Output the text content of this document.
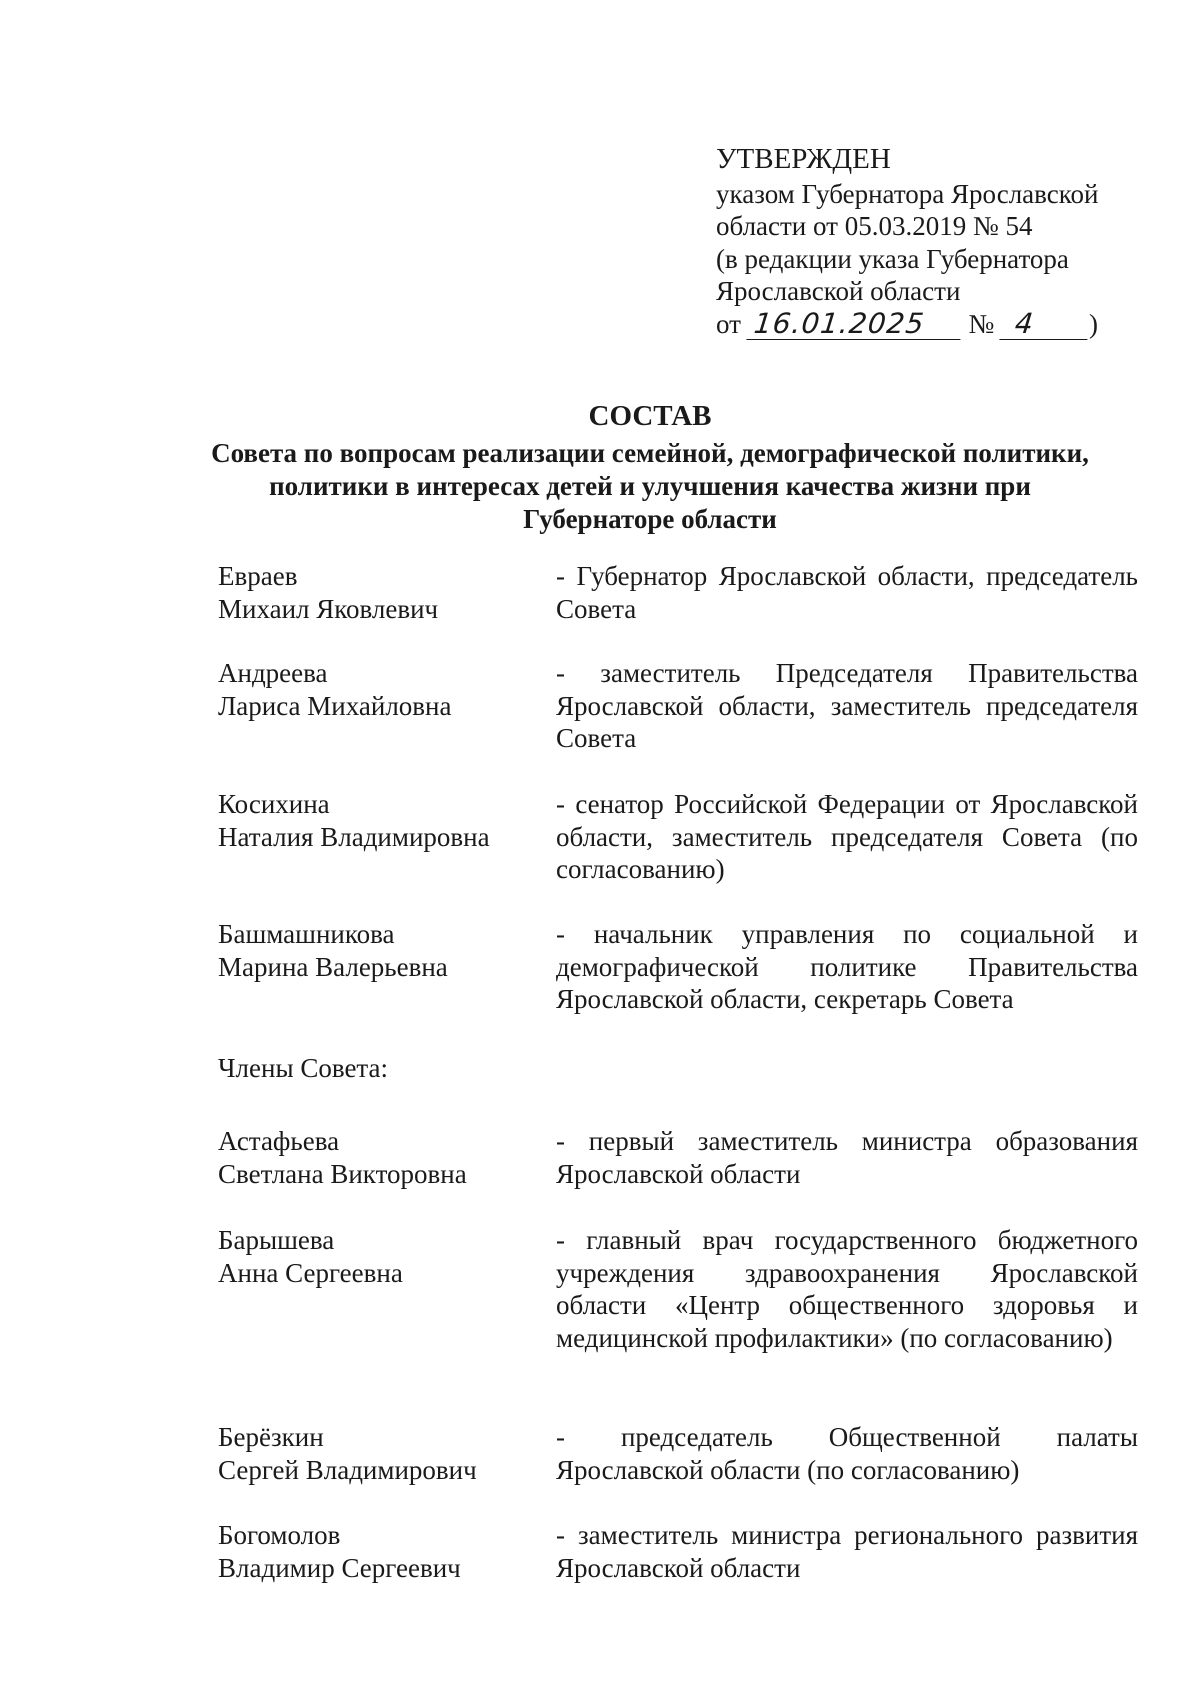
УТВЕРЖДЕН
указом Губернатора Ярославской
области от 05.03.2019 № 54
(в редакции указа Губернатора
Ярославской области
от 16.01.2025 № 4 )
СОСТАВ
Совета по вопросам реализации семейной, демографической политики,
политики в интересах детей и улучшения качества жизни при
Губернаторе области
Евраев
Михаил Яковлевич
- Губернатор Ярославской области, председатель Совета
Андреева
Лариса Михайловна
- заместитель Председателя Правительства Ярославской области, заместитель председателя Совета
Косихина
Наталия Владимировна
- сенатор Российской Федерации от Ярославской области, заместитель председателя Совета (по согласованию)
Башмашникова
Марина Валерьевна
- начальник управления по социальной и демографической политике Правительства Ярославской области, секретарь Совета
Члены Совета:
Астафьева
Светлана Викторовна
- первый заместитель министра образования Ярославской области
Барышева
Анна Сергеевна
- главный врач государственного бюджетного учреждения здравоохранения Ярославской области «Центр общественного здоровья и медицинской профилактики» (по согласованию)
Берёзкин
Сергей Владимирович
- председатель Общественной палаты Ярославской области (по согласованию)
Богомолов
Владимир Сергеевич
- заместитель министра регионального развития Ярославской области
